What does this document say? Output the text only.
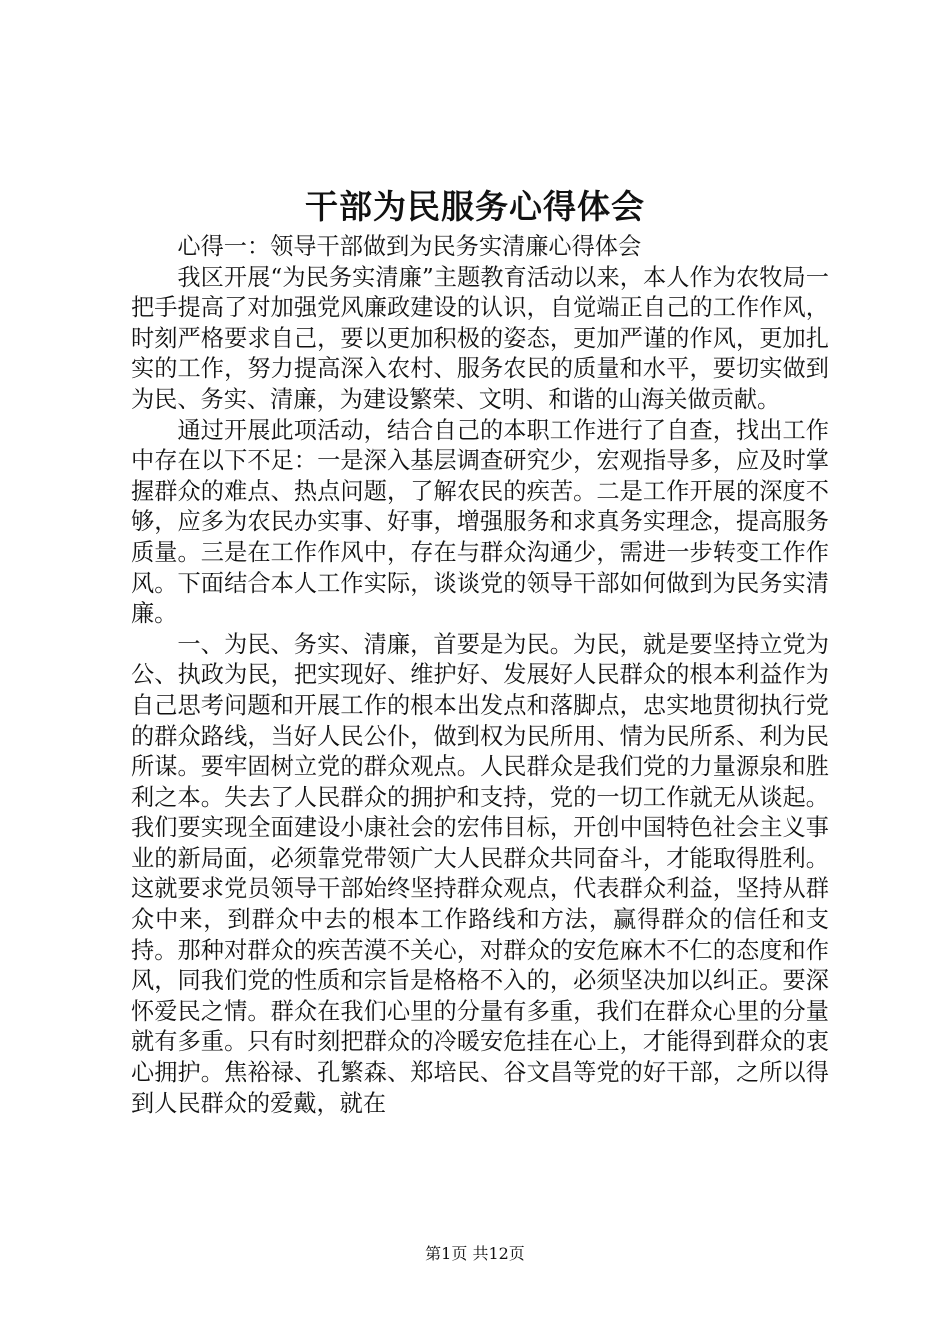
干部为民服务心得体会

心得一：领导干部做到为民务实清廉心得体会

我区开展“为民务实清廉”主题教育活动以来，本人作为农牧局一把手提高了对加强党风廉政建设的认识，自觉端正自己的工作作风，时刻严格要求自己，要以更加积极的姿态，更加严谨的作风，更加扎实的工作，努力提高深入农村、服务农民的质量和水平，要切实做到为民、务实、清廉，为建设繁荣、文明、和谐的山海关做贡献。

通过开展此项活动，结合自己的本职工作进行了自查，找出工作中存在以下不足：一是深入基层调查研究少，宏观指导多，应及时掌握群众的难点、热点问题，了解农民的疾苦。二是工作开展的深度不够，应多为农民办实事、好事，增强服务和求真务实理念，提高服务质量。三是在工作作风中，存在与群众沟通少，需进一步转变工作作风。下面结合本人工作实际，谈谈党的领导干部如何做到为民务实清廉。

一、为民、务实、清廉，首要是为民。为民，就是要坚持立党为公、执政为民，把实现好、维护好、发展好人民群众的根本利益作为自己思考问题和开展工作的根本出发点和落脚点，忠实地贯彻执行党的群众路线，当好人民公仆，做到权为民所用、情为民所系、利为民所谋。要牢固树立党的群众观点。人民群众是我们党的力量源泉和胜利之本。失去了人民群众的拥护和支持，党的一切工作就无从谈起。我们要实现全面建设小康社会的宏伟目标，开创中国特色社会主义事业的新局面，必须靠党带领广大人民群众共同奋斗，才能取得胜利。这就要求党员领导干部始终坚持群众观点，代表群众利益，坚持从群众中来，到群众中去的根本工作路线和方法，赢得群众的信任和支持。那种对群众的疾苦漠不关心，对群众的安危麻木不仁的态度和作风，同我们党的性质和宗旨是格格不入的，必须坚决加以纠正。要深怀爱民之情。群众在我们心里的分量有多重，我们在群众心里的分量就有多重。只有时刻把群众的冷暖安危挂在心上，才能得到群众的衷心拥护。焦裕禄、孔繁森、郑培民、谷文昌等党的好干部，之所以得到人民群众的爱戴，就在

第1页 共12页
